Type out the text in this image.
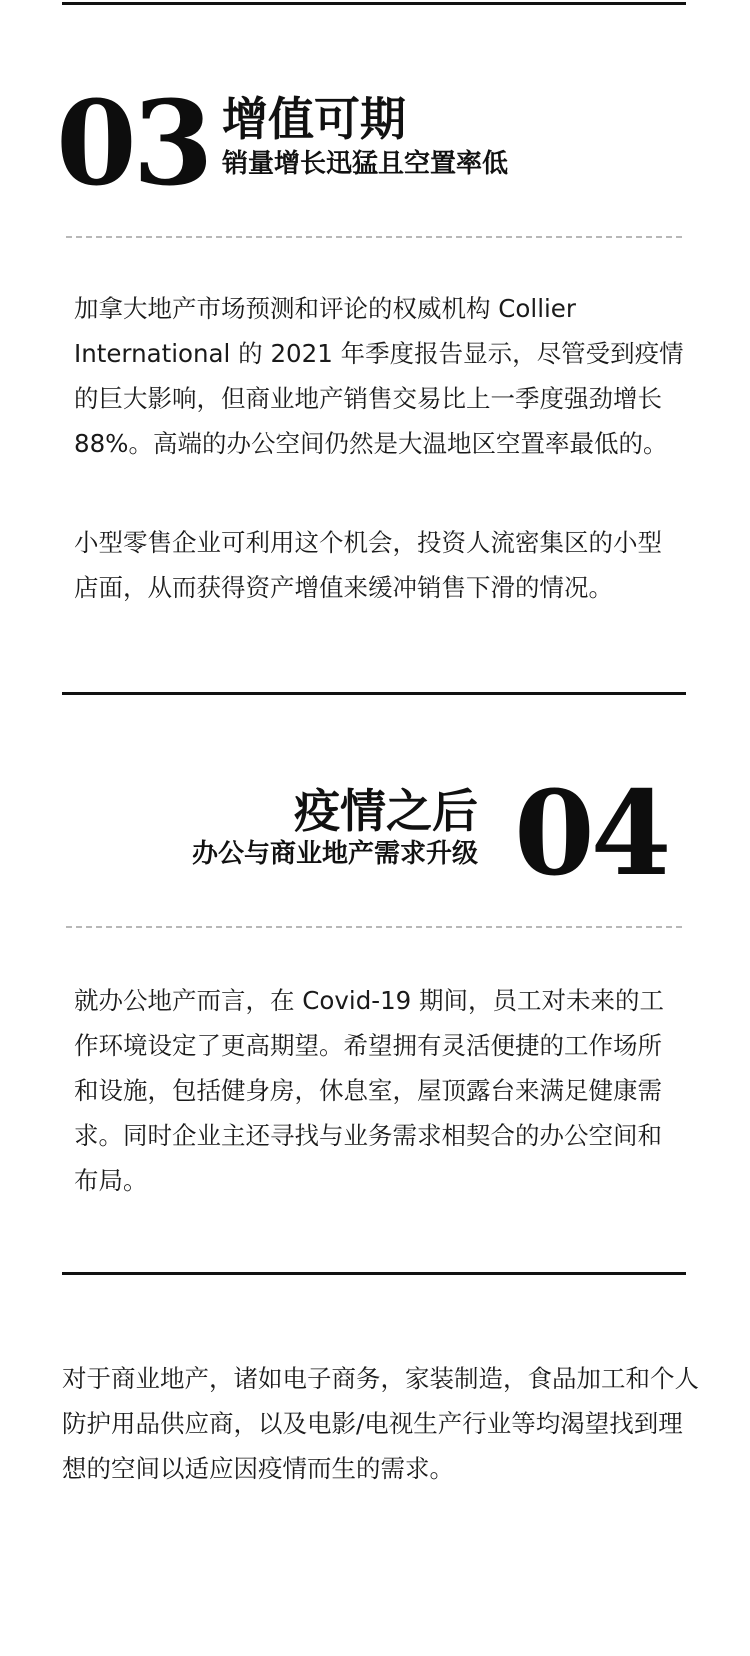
03 增值可期
销量增长迅猛且空置率低

加拿大地产市场预测和评论的权威机构 Collier International 的 2021 年季度报告显示，尽管受到疫情的巨大影响，但商业地产销售交易比上一季度强劲增长 88%。高端的办公空间仍然是大温地区空置率最低的。

小型零售企业可利用这个机会，投资人流密集区的小型店面，从而获得资产增值来缓冲销售下滑的情况。

疫情之后
办公与商业地产需求升级 04

就办公地产而言，在 Covid-19 期间，员工对未来的工作环境设定了更高期望。希望拥有灵活便捷的工作场所和设施，包括健身房，休息室，屋顶露台来满足健康需求。同时企业主还寻找与业务需求相契合的办公空间和布局。

对于商业地产，诸如电子商务，家装制造，食品加工和个人防护用品供应商，以及电影/电视生产行业等均渴望找到理想的空间以适应因疫情而生的需求。
